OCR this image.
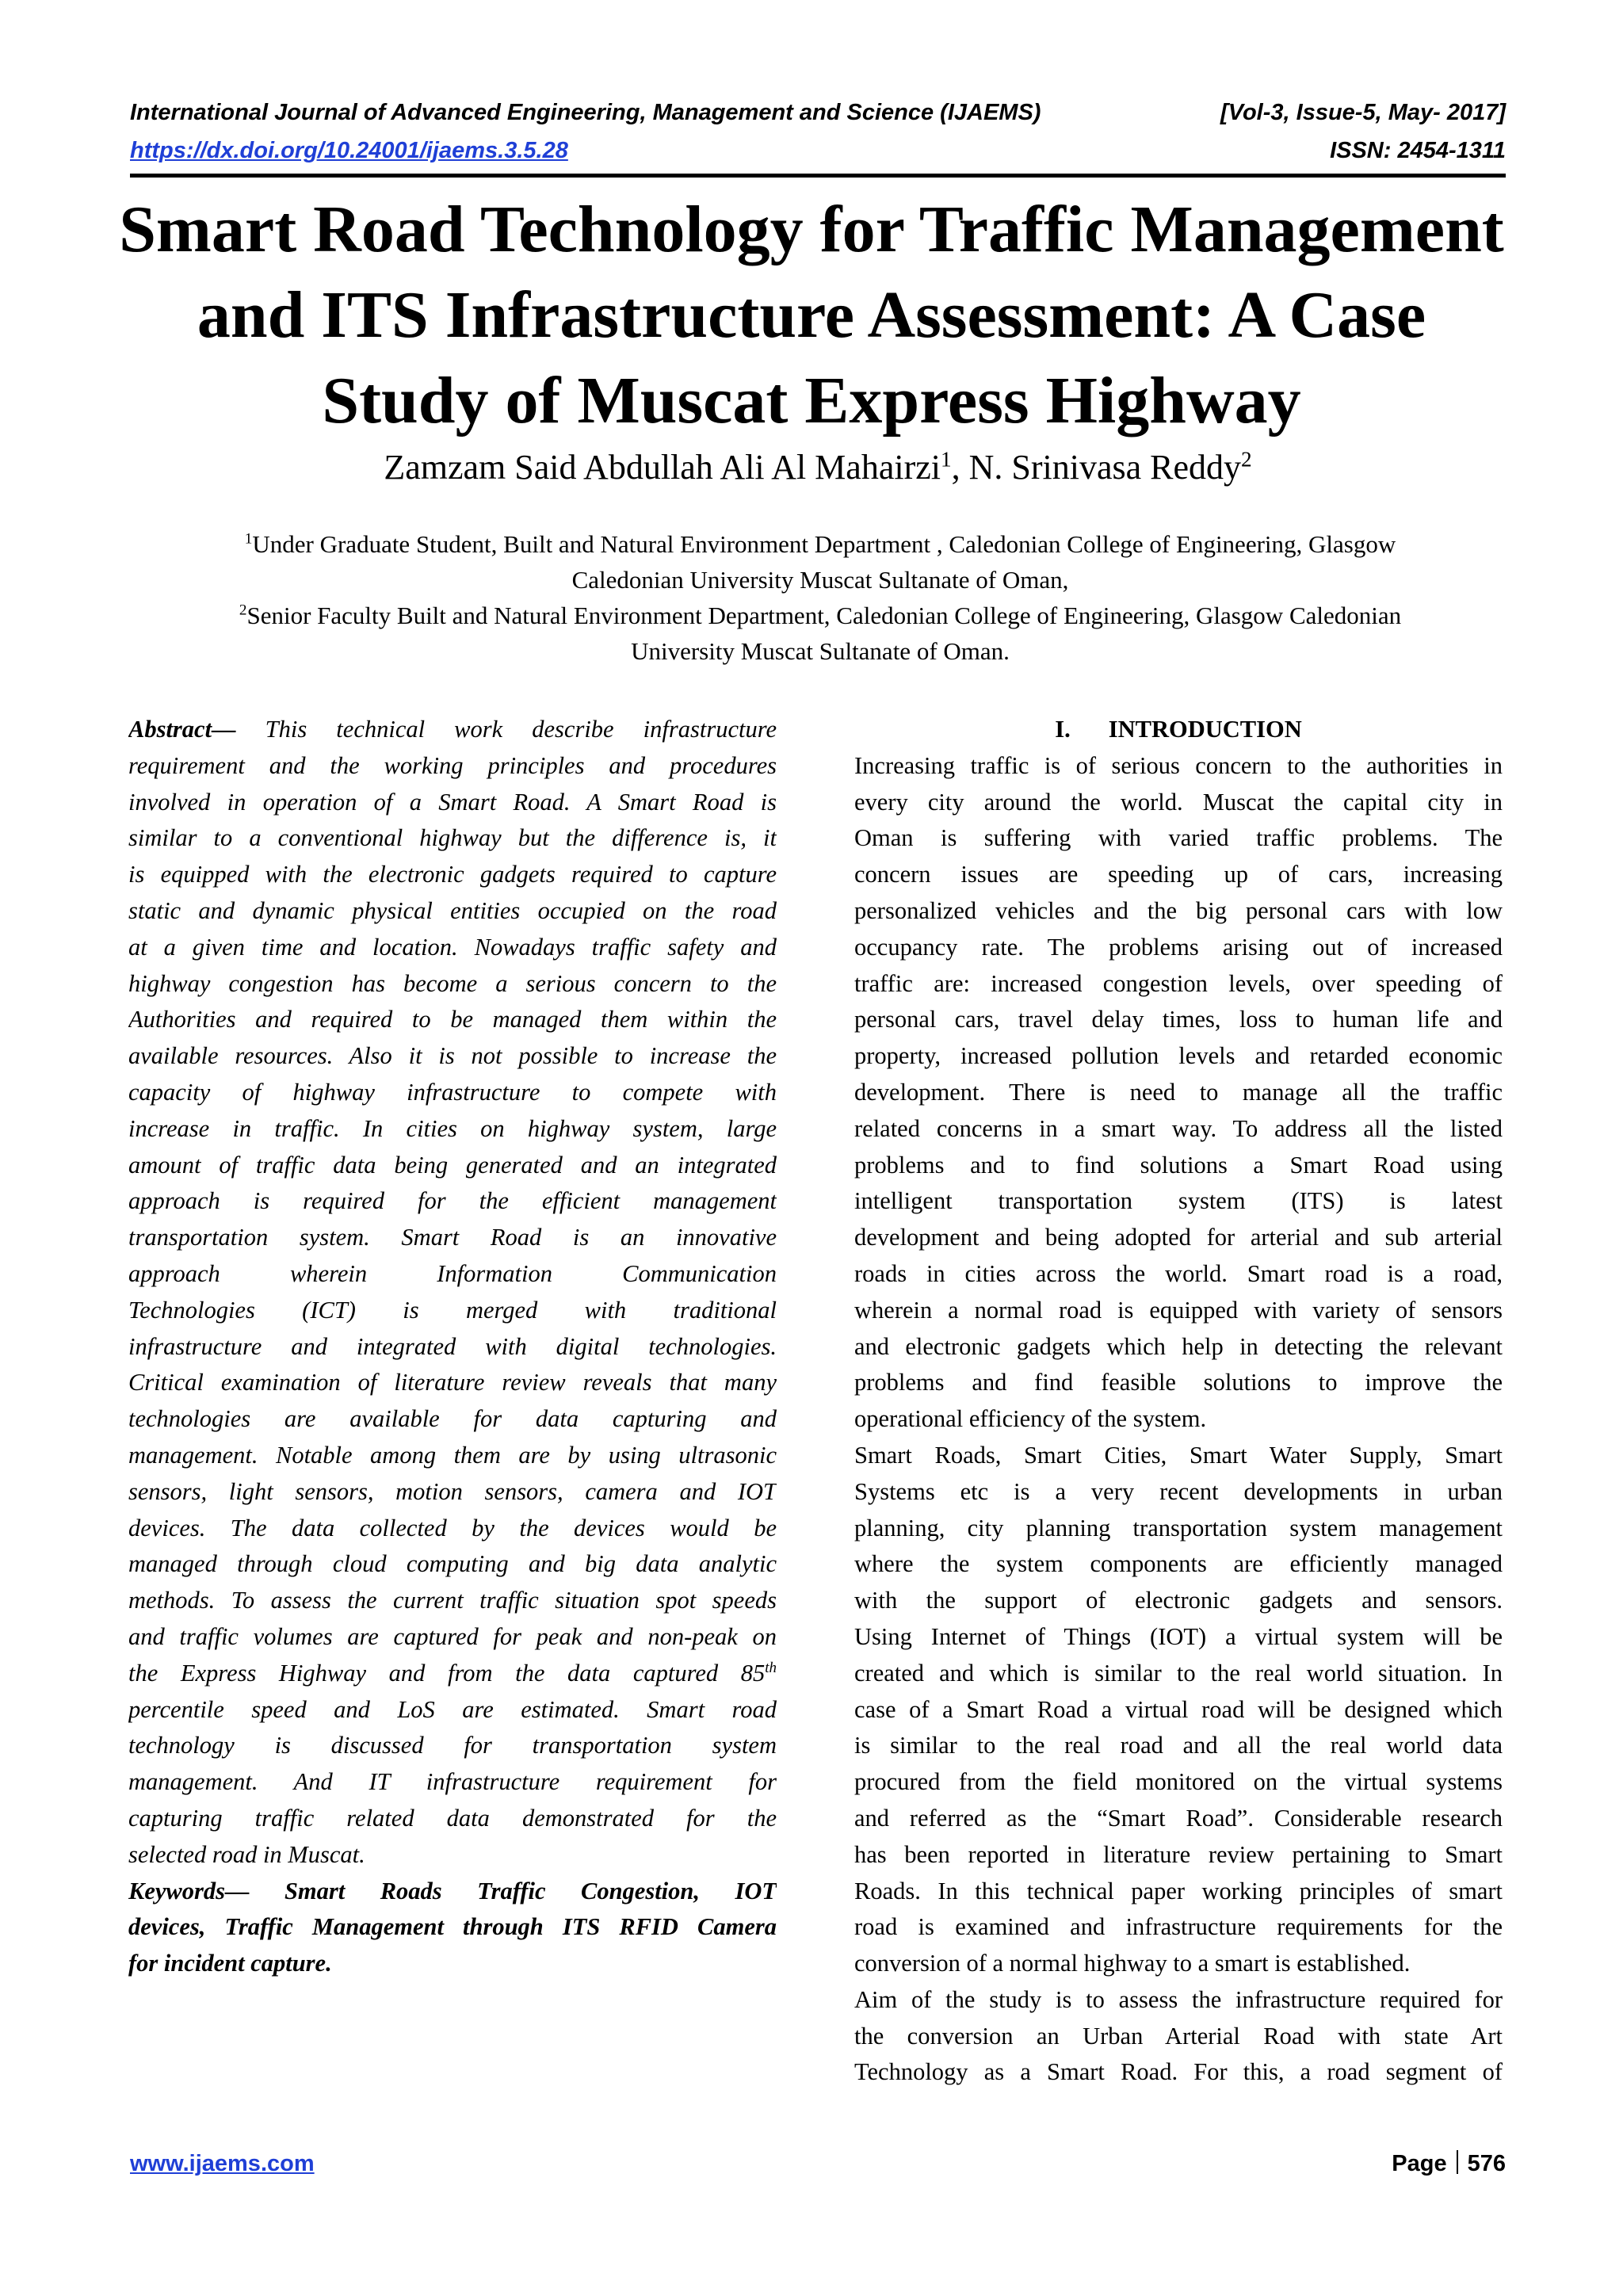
International Journal of Advanced Engineering, Management and Science (IJAEMS)	[Vol-3, Issue-5, May- 2017]
https://dx.doi.org/10.24001/ijaems.3.5.28	ISSN: 2454-1311
Smart Road Technology for Traffic Management
and ITS Infrastructure Assessment: A Case
Study of Muscat Express Highway
Zamzam Said Abdullah Ali Al Mahairzi$^1$, N. Srinivasa Reddy$^2$
$^1$Under Graduate Student, Built and Natural Environment Department , Caledonian College of Engineering, Glasgow
Caledonian University Muscat Sultanate of Oman,
$^2$Senior Faculty Built and Natural Environment Department, Caledonian College of Engineering, Glasgow Caledonian
University Muscat Sultanate of Oman.
Abstract— This technical work describe infrastructure
requirement and the working principles and procedures
involved in operation of a Smart Road. A Smart Road is
similar to a conventional highway but the difference is, it
is equipped with the electronic gadgets required to capture
static and dynamic physical entities occupied on the road
at a given time and location. Nowadays traffic safety and
highway congestion has become a serious concern to the
Authorities and required to be managed them within the
available resources. Also it is not possible to increase the
capacity of highway infrastructure to compete with
increase in traffic. In cities on highway system, large
amount of traffic data being generated and an integrated
approach is required for the efficient management
transportation system. Smart Road is an innovative
approach wherein Information Communication
Technologies (ICT) is merged with traditional
infrastructure and integrated with digital technologies.
Critical examination of literature review reveals that many
technologies are available for data capturing and
management. Notable among them are by using ultrasonic
sensors, light sensors, motion sensors, camera and IOT
devices. The data collected by the devices would be
managed through cloud computing and big data analytic
methods. To assess the current traffic situation spot speeds
and traffic volumes are captured for peak and non-peak on
the Express Highway and from the data captured 85th
percentile speed and LoS are estimated. Smart road
technology is discussed for transportation system
management. And IT infrastructure requirement for
capturing traffic related data demonstrated for the
selected road in Muscat.
Keywords— Smart Roads Traffic Congestion, IOT
devices, Traffic Management through ITS RFID Camera
for incident capture.
I. INTRODUCTION
Increasing traffic is of serious concern to the authorities in
every city around the world. Muscat the capital city in
Oman is suffering with varied traffic problems. The
concern issues are speeding up of cars, increasing
personalized vehicles and the big personal cars with low
occupancy rate. The problems arising out of increased
traffic are: increased congestion levels, over speeding of
personal cars, travel delay times, loss to human life and
property, increased pollution levels and retarded economic
development. There is need to manage all the traffic
related concerns in a smart way. To address all the listed
problems and to find solutions a Smart Road using
intelligent transportation system (ITS) is latest
development and being adopted for arterial and sub arterial
roads in cities across the world. Smart road is a road,
wherein a normal road is equipped with variety of sensors
and electronic gadgets which help in detecting the relevant
problems and find feasible solutions to improve the
operational efficiency of the system.
Smart Roads, Smart Cities, Smart Water Supply, Smart
Systems etc is a very recent developments in urban
planning, city planning transportation system management
where the system components are efficiently managed
with the support of electronic gadgets and sensors.
Using Internet of Things (IOT) a virtual system will be
created and which is similar to the real world situation. In
case of a Smart Road a virtual road will be designed which
is similar to the real road and all the real world data
procured from the field monitored on the virtual systems
and referred as the “Smart Road”. Considerable research
has been reported in literature review pertaining to Smart
Roads. In this technical paper working principles of smart
road is examined and infrastructure requirements for the
conversion of a normal highway to a smart is established.
Aim of the study is to assess the infrastructure required for
the conversion an Urban Arterial Road with state Art
Technology as a Smart Road. For this, a road segment of
www.ijaems.com	Page 576
